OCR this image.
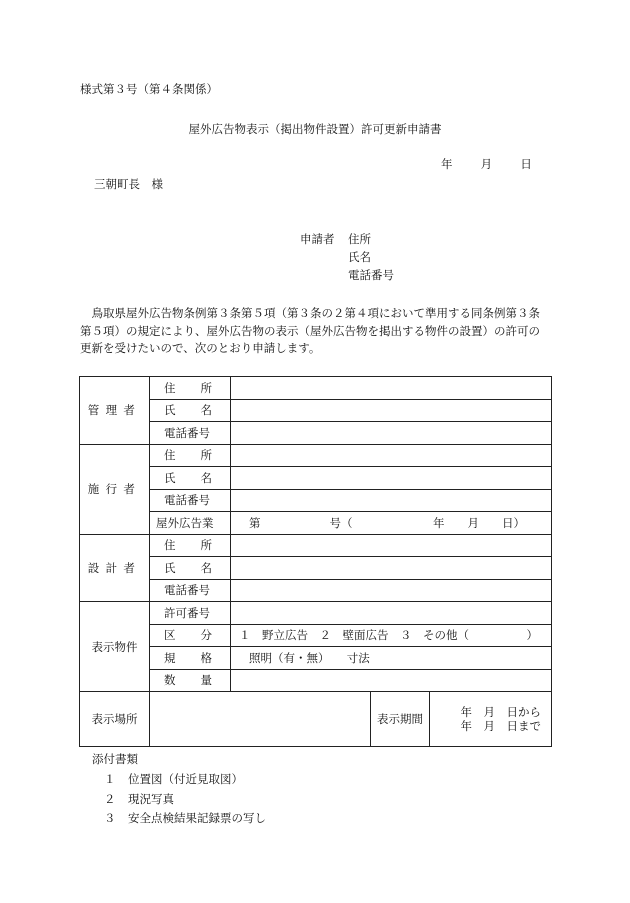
様式第３号（第４条関係）
屋外広告物表示（掲出物件設置）許可更新申請書
年 月 日
三朝町長　様
申請者 住所
氏名
電話番号

鳥取県屋外広告物条例第３条第５項（第３条の２第４項において準用する同条例第３条

第５項）の規定により、屋外広告物の表示（屋外広告物を掲出する物件の設置）の許可の

更新を受けたいので、次のとおり申請します。

管理者	住 所			

	氏 名			

	電話番号			
施行者	住 所			

	氏 名			

	電話番号			
	屋外広告業	第　　　　　　号（　　　　　　　年　　月　　日）		
設計者	住 所			

	氏 名			

	電話番号			
表示物件	許可番号			

	区 分	１　野立広告　２　壁面広告　３　その他（　　　　　）		

	規 格	照明（有・無）　　寸法		

	数 量			

表示場所			表示期間	年　月　日から
年　月　日まで
添付書類
１ 位置図（付近見取図）
２ 現況写真
３ 安全点検結果記録票の写し
